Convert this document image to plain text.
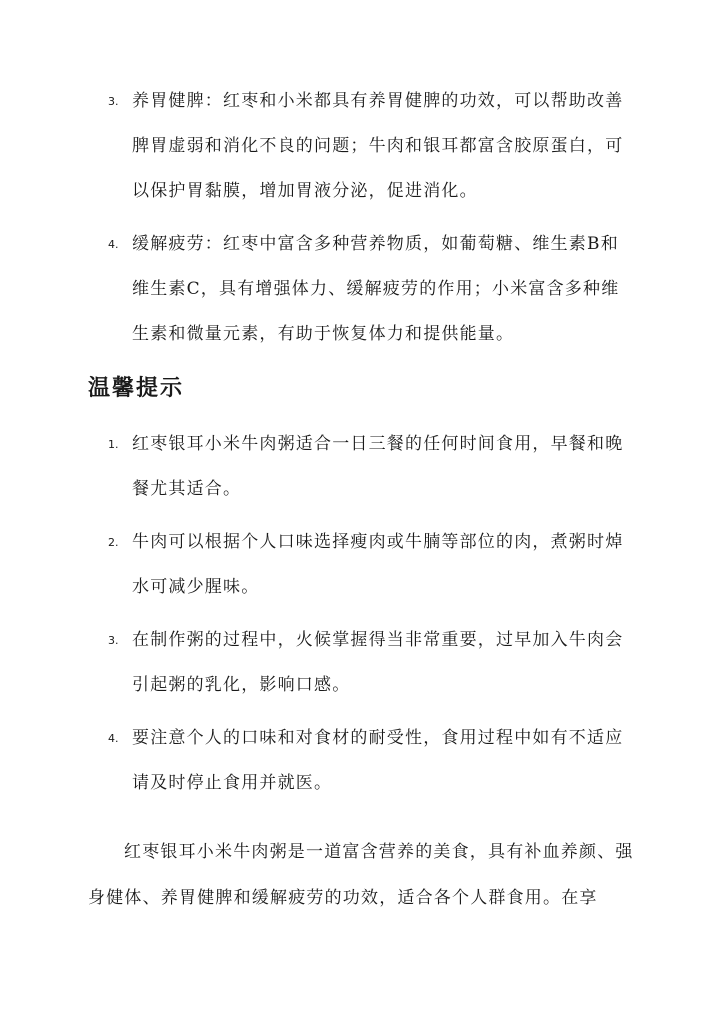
3. 养胃健脾：红枣和小米都具有养胃健脾的功效，可以帮助改善脾胃虚弱和消化不良的问题；牛肉和银耳都富含胶原蛋白，可以保护胃黏膜，增加胃液分泌，促进消化。
4. 缓解疲劳：红枣中富含多种营养物质，如葡萄糖、维生素B和维生素C，具有增强体力、缓解疲劳的作用；小米富含多种维生素和微量元素，有助于恢复体力和提供能量。
温馨提示
1. 红枣银耳小米牛肉粥适合一日三餐的任何时间食用，早餐和晚餐尤其适合。
2. 牛肉可以根据个人口味选择瘦肉或牛腩等部位的肉，煮粥时焯水可减少腥味。
3. 在制作粥的过程中，火候掌握得当非常重要，过早加入牛肉会引起粥的乳化，影响口感。
4. 要注意个人的口味和对食材的耐受性，食用过程中如有不适应请及时停止食用并就医。

红枣银耳小米牛肉粥是一道富含营养的美食，具有补血养颜、强身健体、养胃健脾和缓解疲劳的功效，适合各个人群食用。在享
